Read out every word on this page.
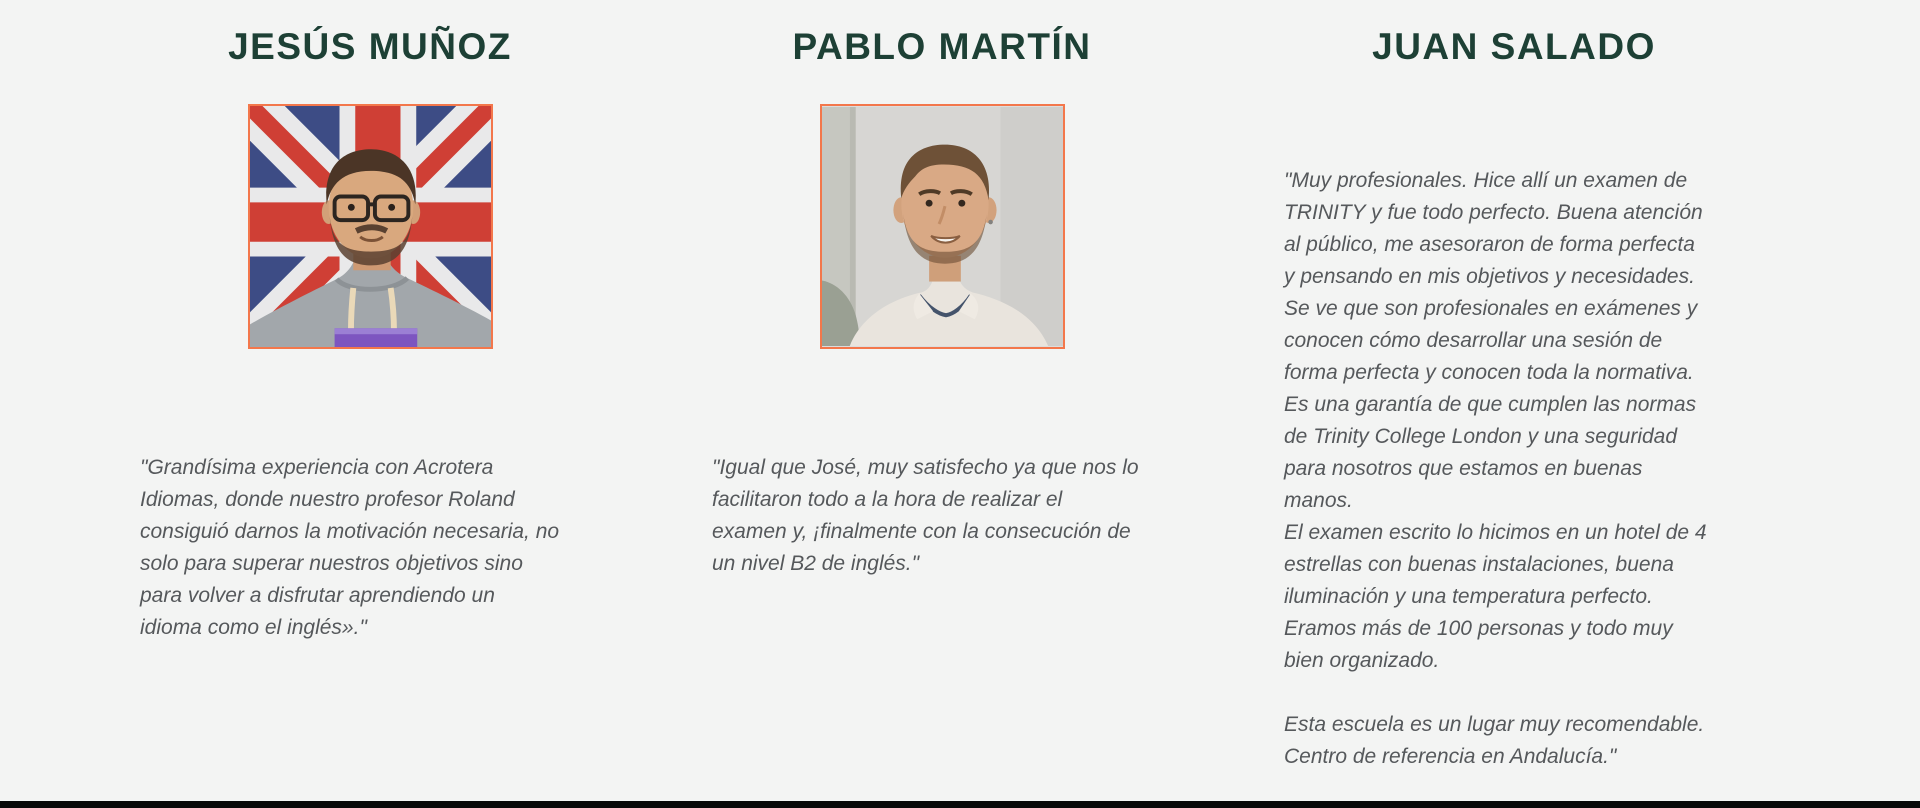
JESÚS MUÑOZ
"Grandísima experiencia con Acrotera
Idiomas, donde nuestro profesor Roland
consiguió darnos la motivación necesaria, no
solo para superar nuestros objetivos sino
para volver a disfrutar aprendiendo un
idioma como el inglés»."
PABLO MARTÍN
"Igual que José, muy satisfecho ya que nos lo
facilitaron todo a la hora de realizar el
examen y, ¡finalmente con la consecución de
un nivel B2 de inglés."
JUAN SALADO
"Muy profesionales. Hice allí un examen de
TRINITY y fue todo perfecto. Buena atención
al público, me asesoraron de forma perfecta
y pensando en mis objetivos y necesidades.
Se ve que son profesionales en exámenes y
conocen cómo desarrollar una sesión de
forma perfecta y conocen toda la normativa.
Es una garantía de que cumplen las normas
de Trinity College London y una seguridad
para nosotros que estamos en buenas
manos.
El examen escrito lo hicimos en un hotel de 4
estrellas con buenas instalaciones, buena
iluminación y una temperatura perfecto.
Eramos más de 100 personas y todo muy
bien organizado.

Esta escuela es un lugar muy recomendable.
Centro de referencia en Andalucía."
